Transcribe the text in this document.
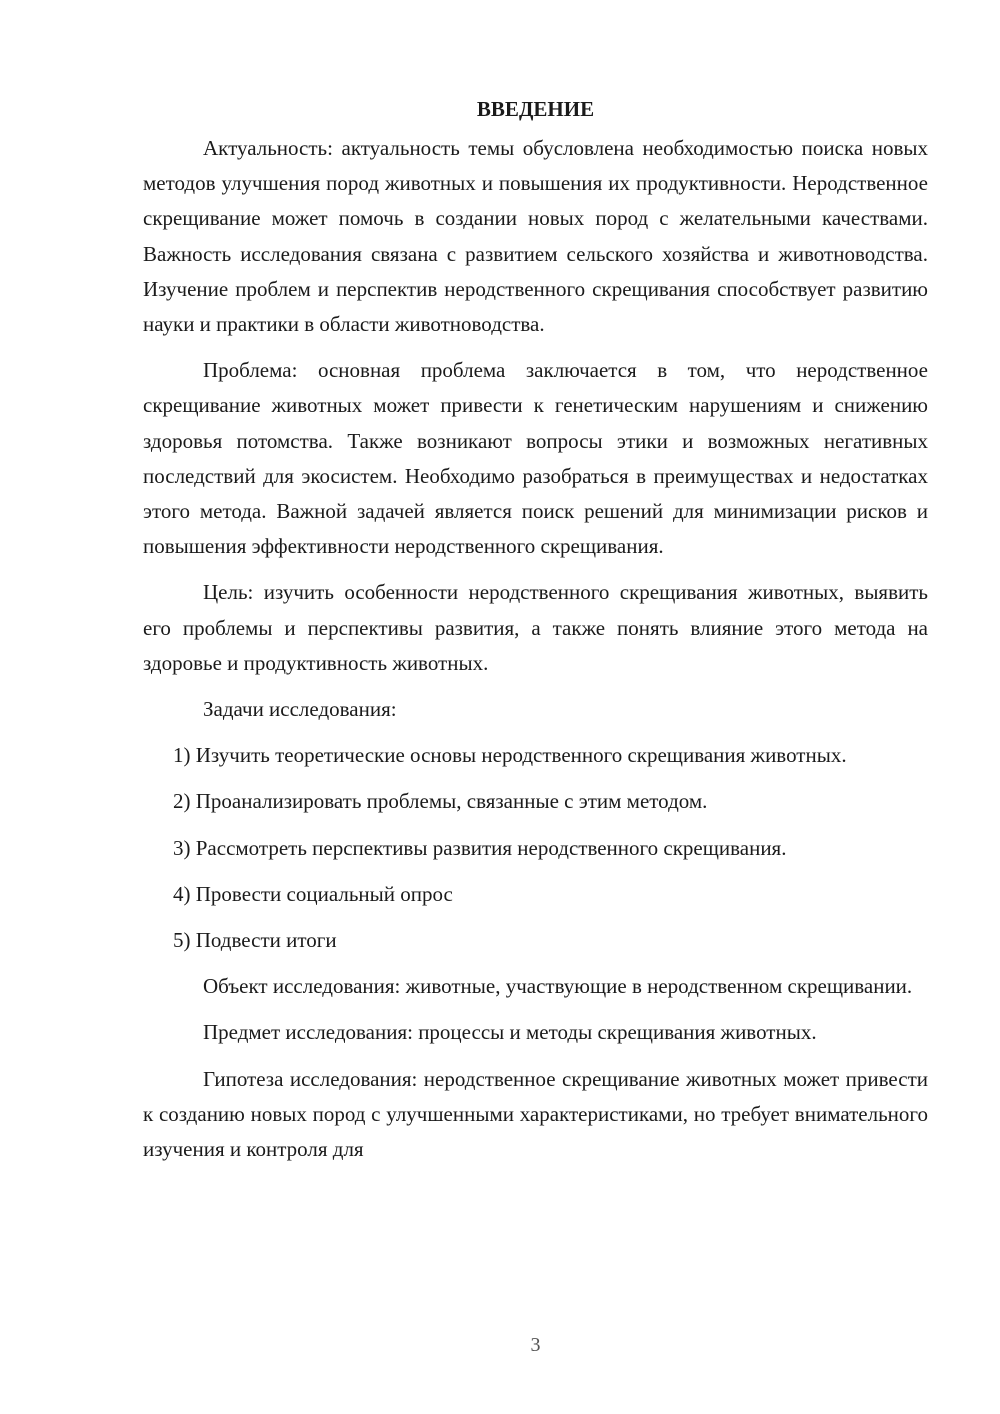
ВВЕДЕНИЕ

Актуальность: актуальность темы обусловлена необходимостью поиска новых методов улучшения пород животных и повышения их продуктивности. Неродственное скрещивание может помочь в создании новых пород с желательными качествами. Важность исследования связана с развитием сельского хозяйства и животноводства. Изучение проблем и перспектив неродственного скрещивания способствует развитию науки и практики в области животноводства.

Проблема: основная проблема заключается в том, что неродственное скрещивание животных может привести к генетическим нарушениям и снижению здоровья потомства. Также возникают вопросы этики и возможных негативных последствий для экосистем. Необходимо разобраться в преимуществах и недостатках этого метода. Важной задачей является поиск решений для минимизации рисков и повышения эффективности неродственного скрещивания.

Цель: изучить особенности неродственного скрещивания животных, выявить его проблемы и перспективы развития, а также понять влияние этого метода на здоровье и продуктивность животных.

Задачи исследования:

1) Изучить теоретические основы неродственного скрещивания животных.

2) Проанализировать проблемы, связанные с этим методом.

3) Рассмотреть перспективы развития неродственного скрещивания.

4) Провести социальный опрос

5) Подвести итоги

Объект исследования: животные, участвующие в неродственном скрещивании.

Предмет исследования: процессы и методы скрещивания животных.

Гипотеза исследования: неродственное скрещивание животных может привести к созданию новых пород с улучшенными характеристиками, но требует внимательного изучения и контроля для

3
